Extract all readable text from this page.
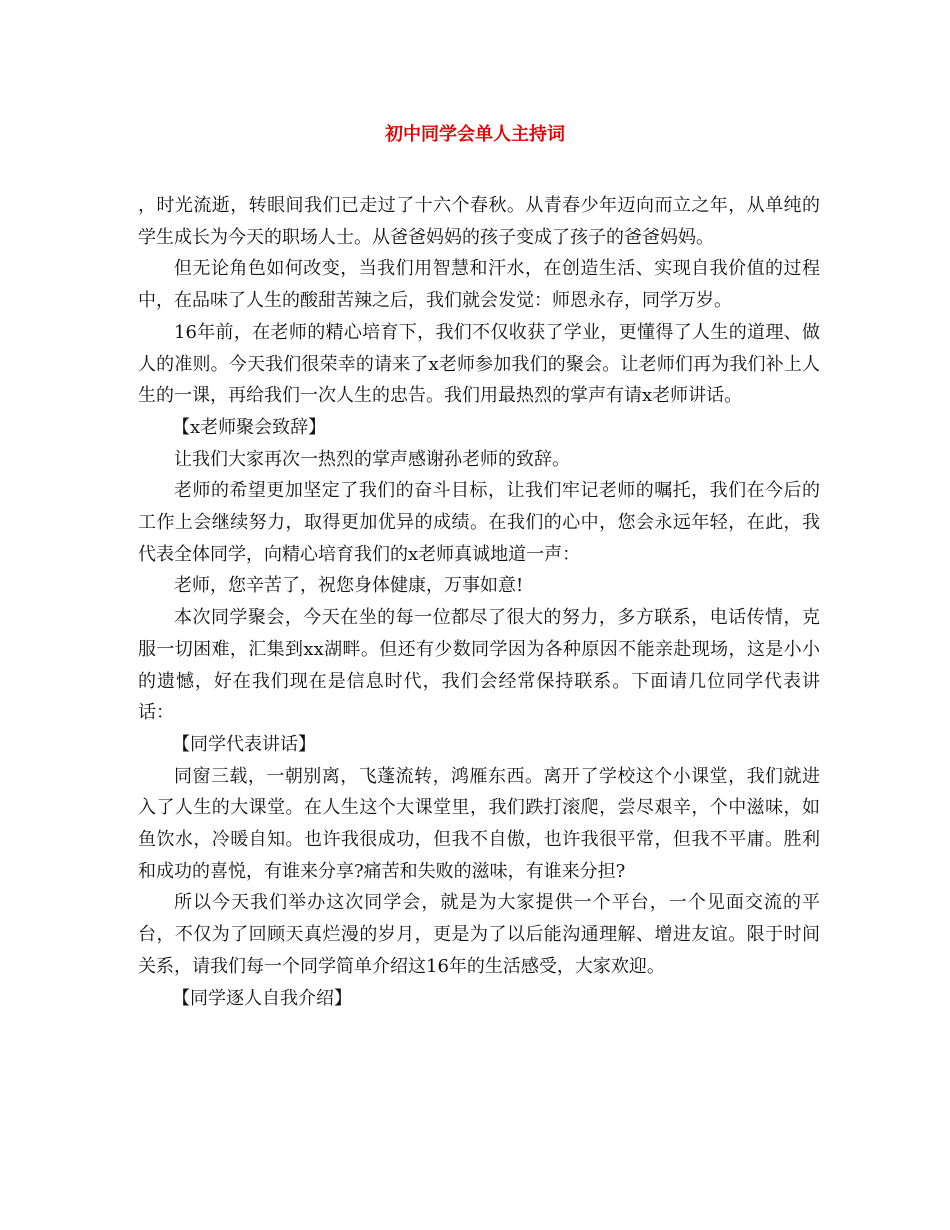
初中同学会单人主持词

，时光流逝，转眼间我们已走过了十六个春秋。从青春少年迈向而立之年，从单纯的学生成长为今天的职场人士。从爸爸妈妈的孩子变成了孩子的爸爸妈妈。

但无论角色如何改变，当我们用智慧和汗水，在创造生活、实现自我价值的过程中，在品味了人生的酸甜苦辣之后，我们就会发觉：师恩永存，同学万岁。

16年前，在老师的精心培育下，我们不仅收获了学业，更懂得了人生的道理、做人的准则。今天我们很荣幸的请来了x老师参加我们的聚会。让老师们再为我们补上人生的一课，再给我们一次人生的忠告。我们用最热烈的掌声有请x老师讲话。

【x老师聚会致辞】

让我们大家再次一热烈的掌声感谢孙老师的致辞。

老师的希望更加坚定了我们的奋斗目标，让我们牢记老师的嘱托，我们在今后的工作上会继续努力，取得更加优异的成绩。在我们的心中，您会永远年轻，在此，我代表全体同学，向精心培育我们的x老师真诚地道一声：

老师，您辛苦了，祝您身体健康，万事如意!

本次同学聚会，今天在坐的每一位都尽了很大的努力，多方联系，电话传情，克服一切困难，汇集到xx湖畔。但还有少数同学因为各种原因不能亲赴现场，这是小小的遗憾，好在我们现在是信息时代，我们会经常保持联系。下面请几位同学代表讲话：

【同学代表讲话】

同窗三载，一朝别离，飞蓬流转，鸿雁东西。离开了学校这个小课堂，我们就进入了人生的大课堂。在人生这个大课堂里，我们跌打滚爬，尝尽艰辛，个中滋味，如鱼饮水，冷暖自知。也许我很成功，但我不自傲，也许我很平常，但我不平庸。胜利和成功的喜悦，有谁来分享?痛苦和失败的滋味，有谁来分担?

所以今天我们举办这次同学会，就是为大家提供一个平台，一个见面交流的平台，不仅为了回顾天真烂漫的岁月，更是为了以后能沟通理解、增进友谊。限于时间关系，请我们每一个同学简单介绍这16年的生活感受，大家欢迎。

【同学逐人自我介绍】
